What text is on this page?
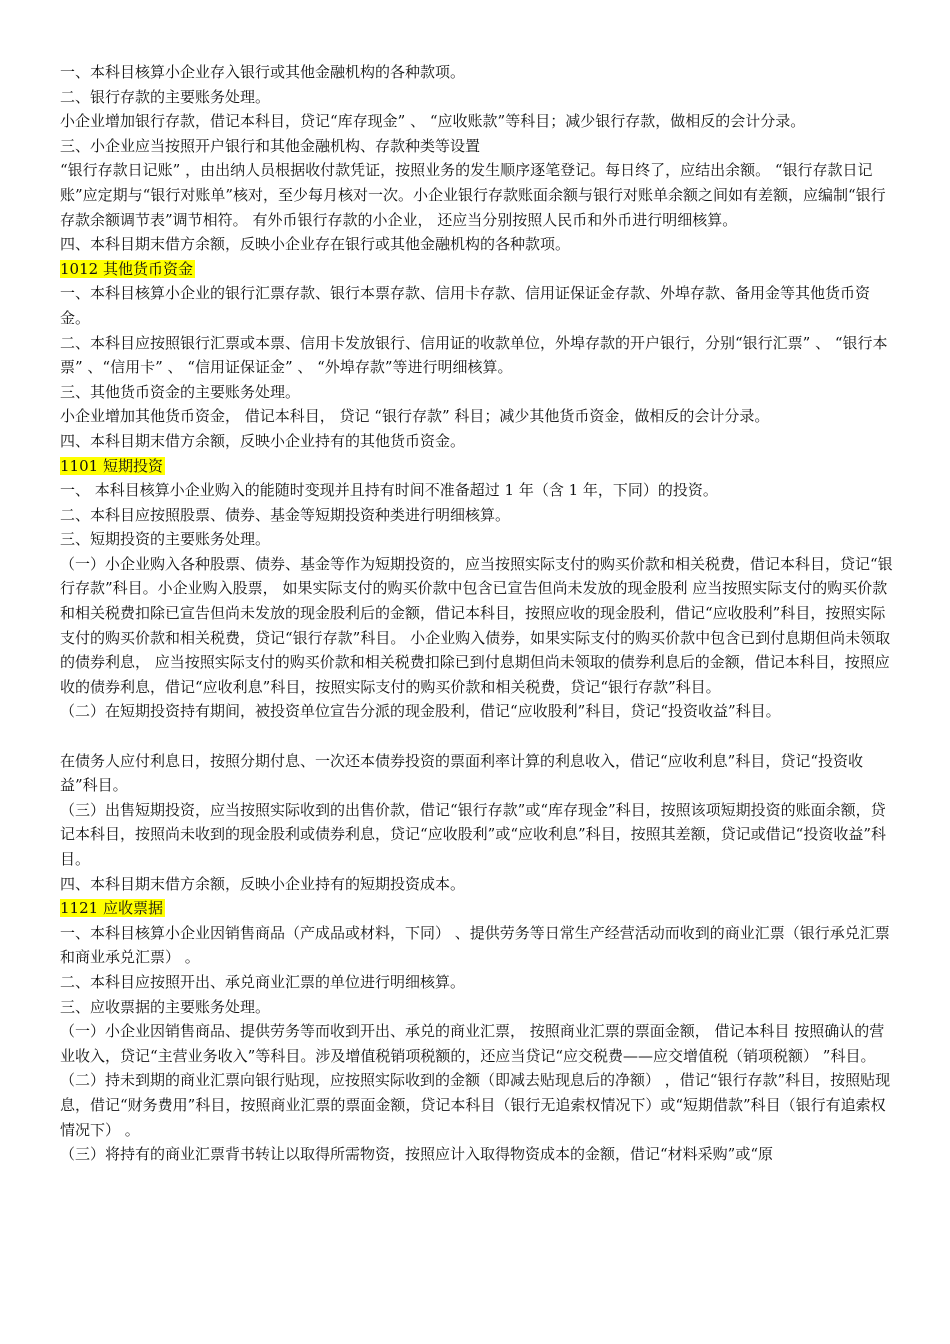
一、本科目核算小企业存入银行或其他金融机构的各种款项。

二、银行存款的主要账务处理。

小企业增加银行存款，借记本科目，贷记“库存现金” 、 “应收账款”等科目；减少银行存款，做相反的会计分录。

三、小企业应当按照开户银行和其他金融机构、存款种类等设置

“银行存款日记账” ，由出纳人员根据收付款凭证，按照业务的发生顺序逐笔登记。每日终了，应结出余额。 “银行存款日记账”应定期与“银行对账单”核对，至少每月核对一次。小企业银行存款账面余额与银行对账单余额之间如有差额，应编制“银行存款余额调节表”调节相符。 有外币银行存款的小企业， 还应当分别按照人民币和外币进行明细核算。

四、本科目期末借方余额，反映小企业存在银行或其他金融机构的各种款项。

1012 其他货币资金

一、本科目核算小企业的银行汇票存款、银行本票存款、信用卡存款、信用证保证金存款、外埠存款、备用金等其他货币资金。

二、本科目应按照银行汇票或本票、信用卡发放银行、信用证的收款单位，外埠存款的开户银行，分别“银行汇票” 、 “银行本票” 、“信用卡” 、 “信用证保证金” 、 “外埠存款”等进行明细核算。

三、其他货币资金的主要账务处理。

小企业增加其他货币资金， 借记本科目， 贷记 “银行存款” 科目；减少其他货币资金，做相反的会计分录。

四、本科目期末借方余额，反映小企业持有的其他货币资金。

1101 短期投资

一、 本科目核算小企业购入的能随时变现并且持有时间不准备超过 1 年（含 1 年，下同）的投资。

二、本科目应按照股票、债券、基金等短期投资种类进行明细核算。

三、短期投资的主要账务处理。

（一）小企业购入各种股票、债券、基金等作为短期投资的，应当按照实际支付的购买价款和相关税费，借记本科目，贷记“银行存款”科目。小企业购入股票， 如果实际支付的购买价款中包含已宣告但尚未发放的现金股利 应当按照实际支付的购买价款和相关税费扣除已宣告但尚未发放的现金股利后的金额，借记本科目，按照应收的现金股利，借记“应收股利”科目，按照实际支付的购买价款和相关税费，贷记“银行存款”科目。 小企业购入债券，如果实际支付的购买价款中包含已到付息期但尚未领取的债券利息， 应当按照实际支付的购买价款和相关税费扣除已到付息期但尚未领取的债券利息后的金额，借记本科目，按照应收的债券利息，借记“应收利息”科目，按照实际支付的购买价款和相关税费，贷记“银行存款”科目。

（二）在短期投资持有期间，被投资单位宣告分派的现金股利，借记“应收股利”科目，贷记“投资收益”科目。

在债务人应付利息日，按照分期付息、一次还本债券投资的票面利率计算的利息收入，借记“应收利息”科目，贷记“投资收益”科目。

（三）出售短期投资，应当按照实际收到的出售价款，借记“银行存款”或“库存现金”科目，按照该项短期投资的账面余额，贷记本科目，按照尚未收到的现金股利或债券利息，贷记“应收股利”或“应收利息”科目，按照其差额，贷记或借记“投资收益”科目。

四、本科目期末借方余额，反映小企业持有的短期投资成本。

1121 应收票据

一、本科目核算小企业因销售商品（产成品或材料，下同） 、提供劳务等日常生产经营活动而收到的商业汇票（银行承兑汇票和商业承兑汇票） 。

二、本科目应按照开出、承兑商业汇票的单位进行明细核算。

三、应收票据的主要账务处理。

（一）小企业因销售商品、提供劳务等而收到开出、承兑的商业汇票， 按照商业汇票的票面金额， 借记本科目 按照确认的营业收入，贷记“主营业务收入”等科目。涉及增值税销项税额的，还应当贷记“应交税费——应交增值税（销项税额） ”科目。

（二）持未到期的商业汇票向银行贴现，应按照实际收到的金额（即减去贴现息后的净额） ，借记“银行存款”科目，按照贴现息，借记“财务费用”科目，按照商业汇票的票面金额，贷记本科目（银行无追索权情况下）或“短期借款”科目（银行有追索权情况下） 。

（三）将持有的商业汇票背书转让以取得所需物资，按照应计入取得物资成本的金额，借记“材料采购”或“原
